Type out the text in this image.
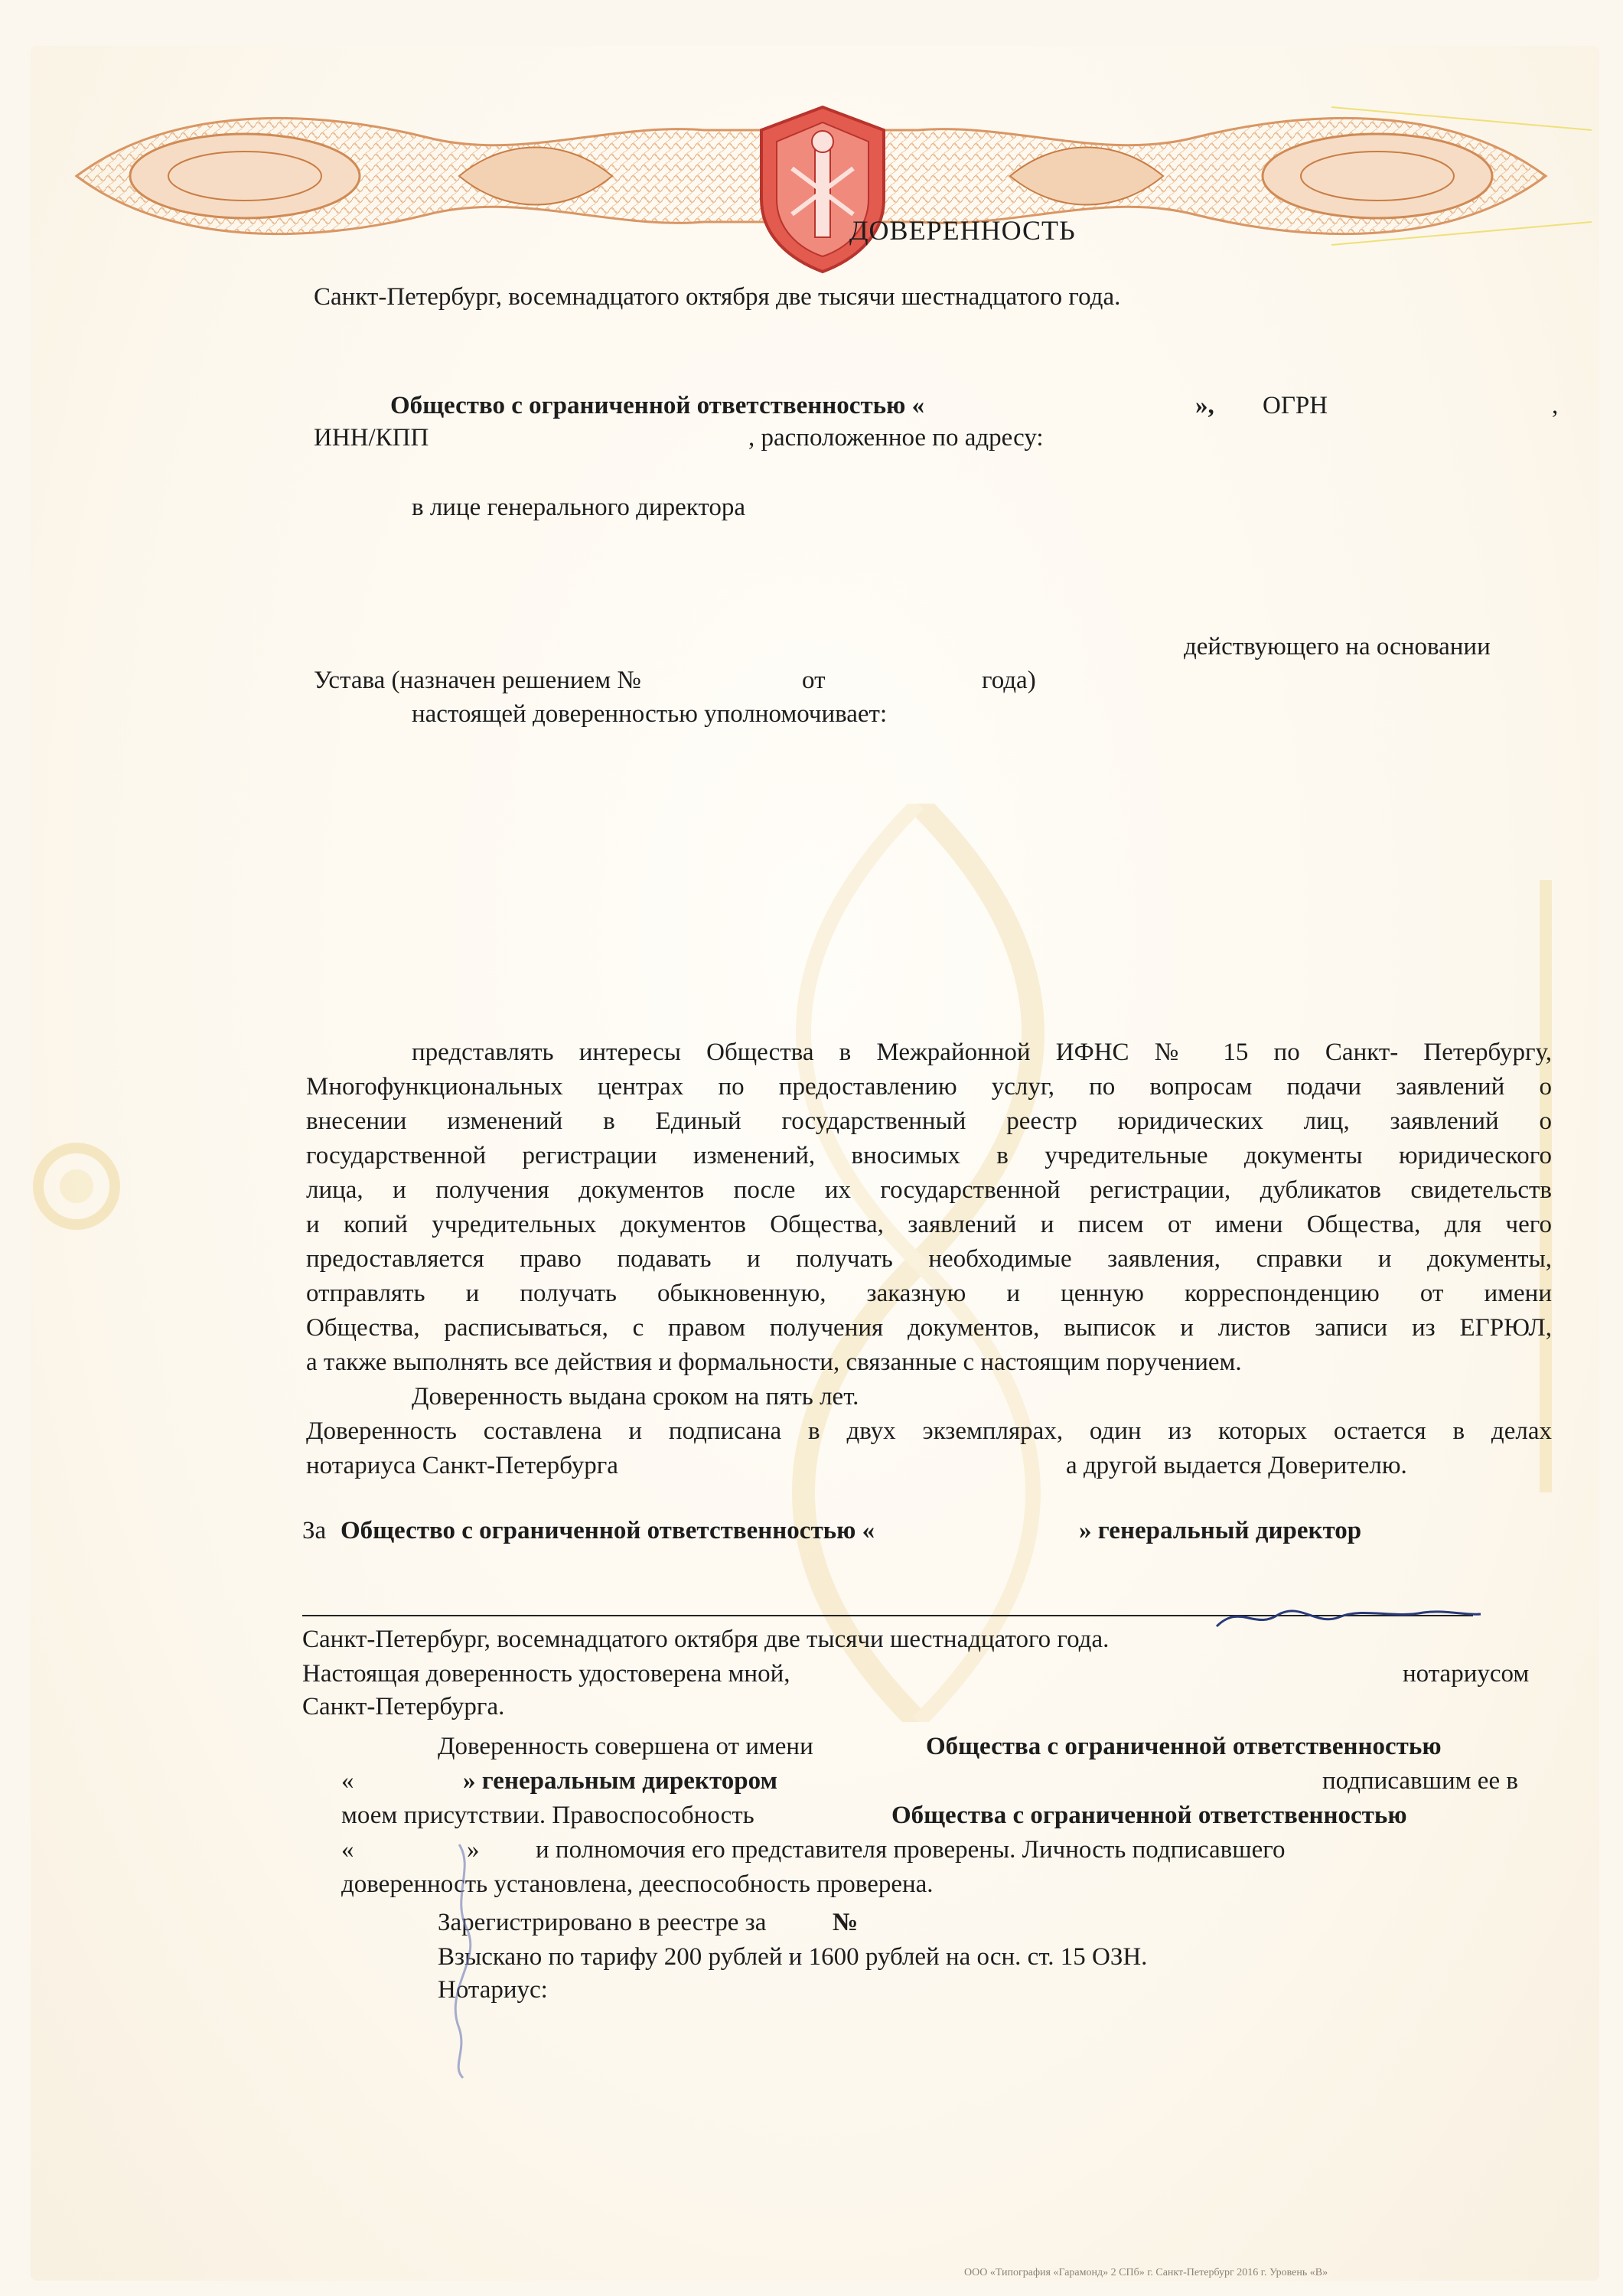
ДОВЕРЕННОСТЬ
Санкт-Петербург, восемнадцатого октября две тысячи шестнадцатого года.
Общество с ограниченной ответственностью «	», ОГРН	,
ИНН/КПП	, расположенное по адресу:
в лице генерального директора
действующего на основании
Устава (назначен решением №	от	года)
настоящей доверенностью уполномочивает:
представлять интересы Общества в Межрайонной ИФНС № 15 по Санкт- Петербургу,
Многофункциональных центрах по предоставлению услуг, по вопросам подачи заявлений о
внесении изменений в Единый государственный реестр юридических лиц, заявлений о
государственной регистрации изменений, вносимых в учредительные документы юридического
лица, и получения документов после их государственной регистрации, дубликатов свидетельств
и копий учредительных документов Общества, заявлений и писем от имени Общества, для чего
предоставляется право подавать и получать необходимые заявления, справки и документы,
отправлять и получать обыкновенную, заказную и ценную корреспонденцию от имени
Общества, расписываться, с правом получения документов, выписок и листов записи из ЕГРЮЛ,
а также выполнять все действия и формальности, связанные с настоящим поручением.
Доверенность выдана сроком на пять лет.
Доверенность составлена и подписана в двух экземплярах, один из которых остается в делах
нотариуса Санкт-Петербурга	а другой выдается Доверителю.
За Общество с ограниченной ответственностью «	» генеральный директор
Санкт-Петербург, восемнадцатого октября две тысячи шестнадцатого года.
Настоящая доверенность удостоверена мной,	нотариусом
Санкт-Петербурга.
Доверенность совершена от имени	Общества с ограниченной ответственностью
«	» генеральным директором	подписавшим ее в
моем присутствии. Правоспособность	Общества с ограниченной ответственностью
«	» и полномочия его представителя проверены. Личность подписавшего
доверенность установлена, дееспособность проверена.
Зарегистрировано в реестре за	№
Взыскано по тарифу 200 рублей и 1600 рублей на осн. ст. 15 ОЗН.
Нотариус:
ООО «Типография «Гарамонд» 2 СПб» г. Санкт-Петербург 2016 г. Уровень «В»
